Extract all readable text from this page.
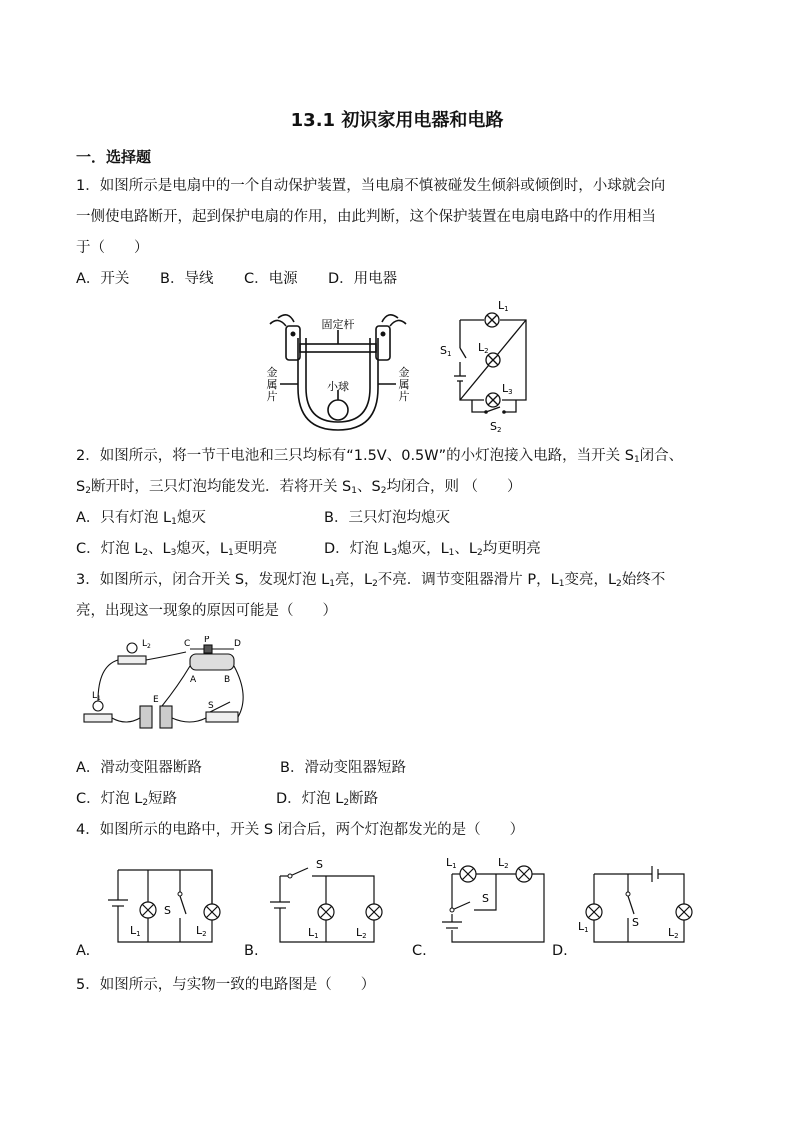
13.1 初识家用电器和电路
一．选择题
1．如图所示是电扇中的一个自动保护装置，当电扇不慎被碰发生倾斜或倾倒时，小球就会向
一侧使电路断开，起到保护电扇的作用，由此判断，这个保护装置在电扇电路中的作用相当
于（　　）
A．开关 B．导线 C．电源 D．用电器
固定杆
金
属
片
金
属
片
小球
L1
L2
L3
S1
S2
2．如图所示，将一节干电池和三只均标有“1.5V、0.5W”的小灯泡接入电路，当开关 $S_1$闭合、
$S_2$断开时，三只灯泡均能发光．若将开关 $S_1$、$S_2$均闭合，则 （　　）
A．只有灯泡 $L_1$熄灭	B．三只灯泡均熄灭
C．灯泡 $L_2$、$L_3$熄灭，$L_1$更明亮	D．灯泡 $L_3$熄灭，$L_1$、$L_2$均更明亮
3．如图所示，闭合开关 S，发现灯泡 $L_1$亮，$L_2$不亮．调节变阻器滑片 P，$L_1$变亮，$L_2$始终不
亮，出现这一现象的原因可能是（　　）
C P	D
A	B
E
S
$L_2$
$L_1$
A．滑动变阻器断路	B．滑动变阻器短路
C．灯泡 $L_2$短路	D．灯泡 $L_2$断路
4．如图所示的电路中，开关 S 闭合后，两个灯泡都发光的是（　　）
S
L1	L2
A.
S
L1	L2
B.
S
L1	L2
C.
S
L1	L2
D.
5．如图所示，与实物一致的电路图是（　　）
